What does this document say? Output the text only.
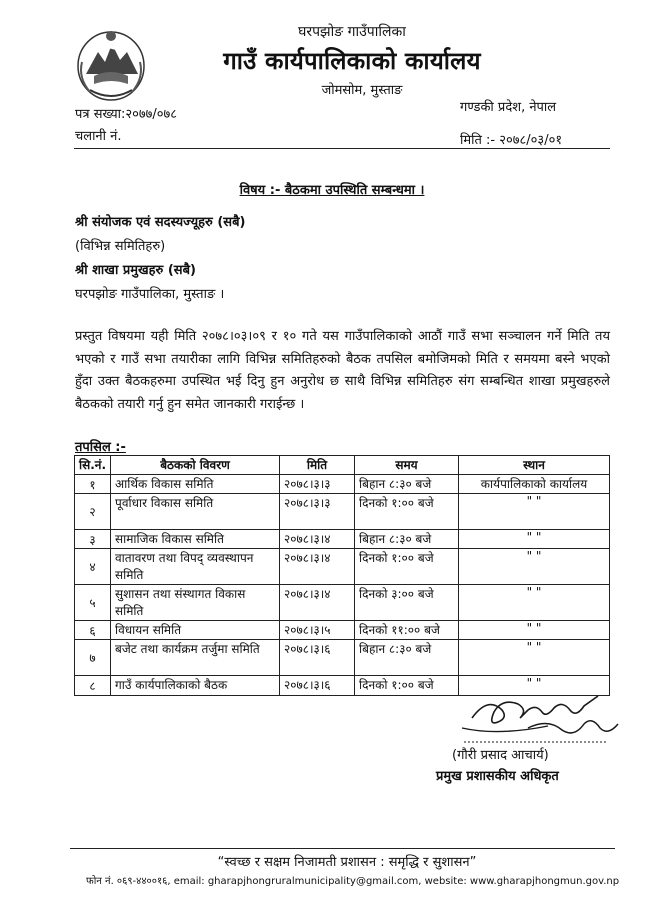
घरपझोङ गाउँपालिका
गाउँ कार्यपालिकाको कार्यालय
जोमसोम, मुस्ताङ
पत्र सख्या:२०७७/०७८	गण्डकी प्रदेश, नेपाल
चलानी नं.	मिति :- २०७८/०३/०१
विषय :- बैठकमा उपस्थिति सम्बन्धमा ।
श्री संयोजक एवं सदस्यज्यूहरु (सबै)
(विभिन्न समितिहरु)
श्री शाखा प्रमुखहरु (सबै)
घरपझोङ गाउँपालिका, मुस्ताङ ।
प्रस्तुत विषयमा यही मिति २०७८।०३।०९ र १० गते यस गाउँपालिकाको आठौं गाउँ सभा सञ्चालन गर्ने मिति तय भएको र गाउँ सभा तयारीका लागि विभिन्न समितिहरुको बैठक तपसिल बमोजिमको मिति र समयमा बस्ने भएको हुँदा उक्त बैठकहरुमा उपस्थित भई दिनु हुन अनुरोध छ साथै विभिन्न समितिहरु संग सम्बन्धित शाखा प्रमुखहरुले बैठकको तयारी गर्नु हुन समेत जानकारी गराईन्छ ।
तपसिल :-
सि.नं.	बैठकको विवरण	मिति	समय	स्थान
१	आर्थिक विकास समिति	२०७८।३।३	बिहान ८:३० बजे	कार्यपालिकाको कार्यालय
२	पूर्वाधार विकास समिति	२०७८।३।३	दिनको १:०० बजे	" "
३	सामाजिक विकास समिति	२०७८।३।४	बिहान ८:३० बजे	" "
४	वातावरण तथा विपद् व्यवस्थापन समिति	२०७८।३।४	दिनको १:०० बजे	" "
५	सुशासन तथा संस्थागत विकास समिति	२०७८।३।४	दिनको ३:०० बजे	" "
६	विधायन समिति	२०७८।३।५	दिनको ११:०० बजे	" "
७	बजेट तथा कार्यक्रम तर्जुमा समिति	२०७८।३।६	बिहान ८:३० बजे	" "
८	गाउँ कार्यपालिकाको बैठक	२०७८।३।६	दिनको १:०० बजे	" "
(गौरी प्रसाद आचार्य)
प्रमुख प्रशासकीय अधिकृत
“स्वच्छ र सक्षम निजामती प्रशासन : समृद्धि र सुशासन”
फोन नं. ०६९-४४००१६, email: gharapjhongruralmunicipality@gmail.com, website: www.gharapjhongmun.gov.np
